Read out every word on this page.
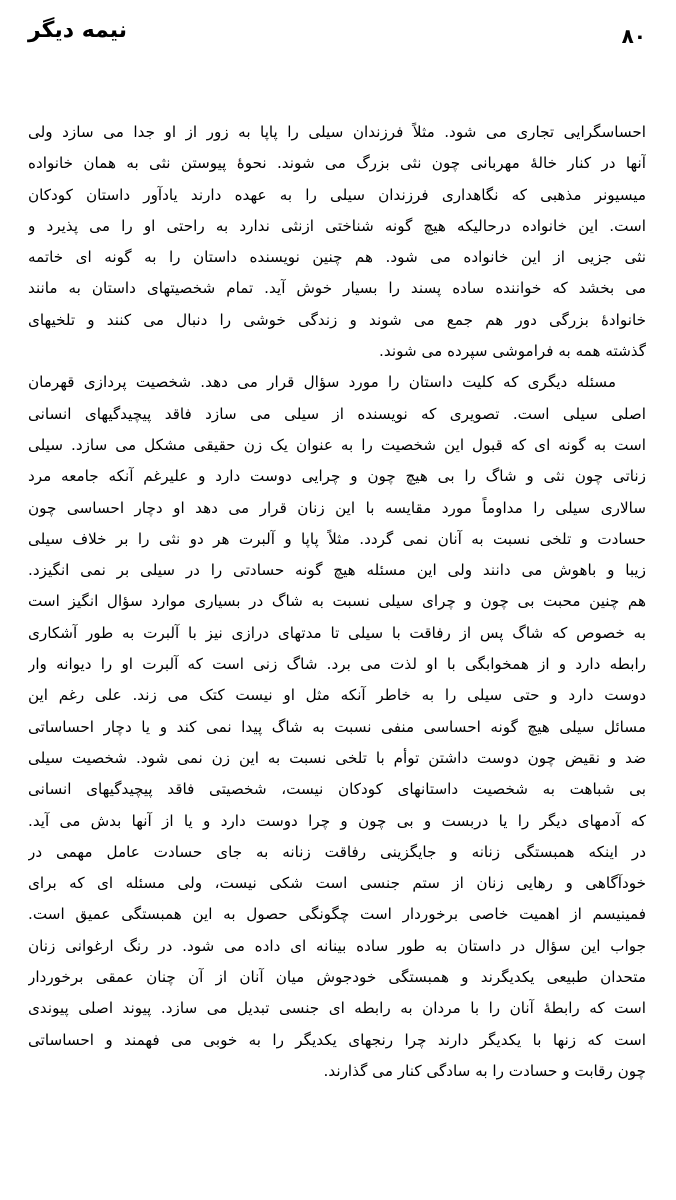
نیمه دیگر	۸۰
احساسگرایی تجاری می شود. مثلاً فرزندان سیلی را پاپا به زور از او جدا می سازد ولی
آنها در کنار خالهٔ مهربانی چون نثی بزرگ می شوند. نحوهٔ پیوستن نثی به همان خانواده
میسیونر مذهبی که نگاهداری فرزندان سیلی را به عهده دارند یادآور داستان کودکان
است. این خانواده درحالیکه هیچ گونه شناختی ازنثی ندارد به راحتی او را می پذیرد و
نثی جزیی از این خانواده می شود. هم چنین نویسنده داستان را به گونه ای خاتمه
می بخشد که خواننده ساده پسند را بسیار خوش آید. تمام شخصیتهای داستان به مانند
خانوادهٔ بزرگی دور هم جمع می شوند و زندگی خوشی را دنبال می کنند و تلخیهای
گذشته همه به فراموشی سپرده می شوند.
مسئله دیگری که کلیت داستان را مورد سؤال قرار می دهد. شخصیت پردازی قهرمان
اصلی سیلی است. تصویری که نویسنده از سیلی می سازد فاقد پیچیدگیهای انسانی
است به گونه ای که قبول این شخصیت را به عنوان یک زن حقیقی مشکل می سازد. سیلی
زناتی چون نثی و شاگ را بی هیچ چون و چرایی دوست دارد و علیرغم آنکه جامعه مرد
سالاری سیلی را مداوماً مورد مقایسه با این زنان قرار می دهد او دچار احساسی چون
حسادت و تلخی نسبت به آنان نمی گردد. مثلاً پاپا و آلبرت هر دو نثی را بر خلاف سیلی
زیبا و باهوش می دانند ولی این مسئله هیچ گونه حسادتی را در سیلی بر نمی انگیزد.
هم چنین محبت بی چون و چرای سیلی نسبت به شاگ در بسیاری موارد سؤال انگیز است
به خصوص که شاگ پس از رفاقت با سیلی تا مدتهای درازی نیز با آلبرت به طور آشکاری
رابطه دارد و از همخوابگی با او لذت می برد. شاگ زنی است که آلبرت او را دیوانه وار
دوست دارد و حتی سیلی را به خاطر آنکه مثل او نیست کتک می زند. علی رغم این
مسائل سیلی هیچ گونه احساسی منفی نسبت به شاگ پیدا نمی کند و یا دچار احساساتی
ضد و نقیض چون دوست داشتن توأم با تلخی نسبت به این زن نمی شود. شخصیت سیلی
بی شباهت به شخصیت داستانهای کودکان نیست، شخصیتی فاقد پیچیدگیهای انسانی
که آدمهای دیگر را یا دربست و بی چون و چرا دوست دارد و یا از آنها بدش می آید.
در اینکه همبستگی زنانه و جایگزینی رفاقت زنانه به جای حسادت عامل مهمی در
خودآگاهی و رهایی زنان از ستم جنسی است شکی نیست، ولی مسئله ای که برای
فمینیسم از اهمیت خاصی برخوردار است چگونگی حصول به این همبستگی عمیق است.
جواب این سؤال در داستان به طور ساده بینانه ای داده می شود. در رنگ ارغوانی زنان
متحدان طبیعی یکدیگرند و همبستگی خودجوش میان آنان از آن چنان عمقی برخوردار
است که رابطهٔ آنان را با مردان به رابطه ای جنسی تبدیل می سازد. پیوند اصلی پیوندی
است که زنها با یکدیگر دارند چرا رنجهای یکدیگر را به خوبی می فهمند و احساساتی
چون رقابت و حسادت را به سادگی کنار می گذارند.
